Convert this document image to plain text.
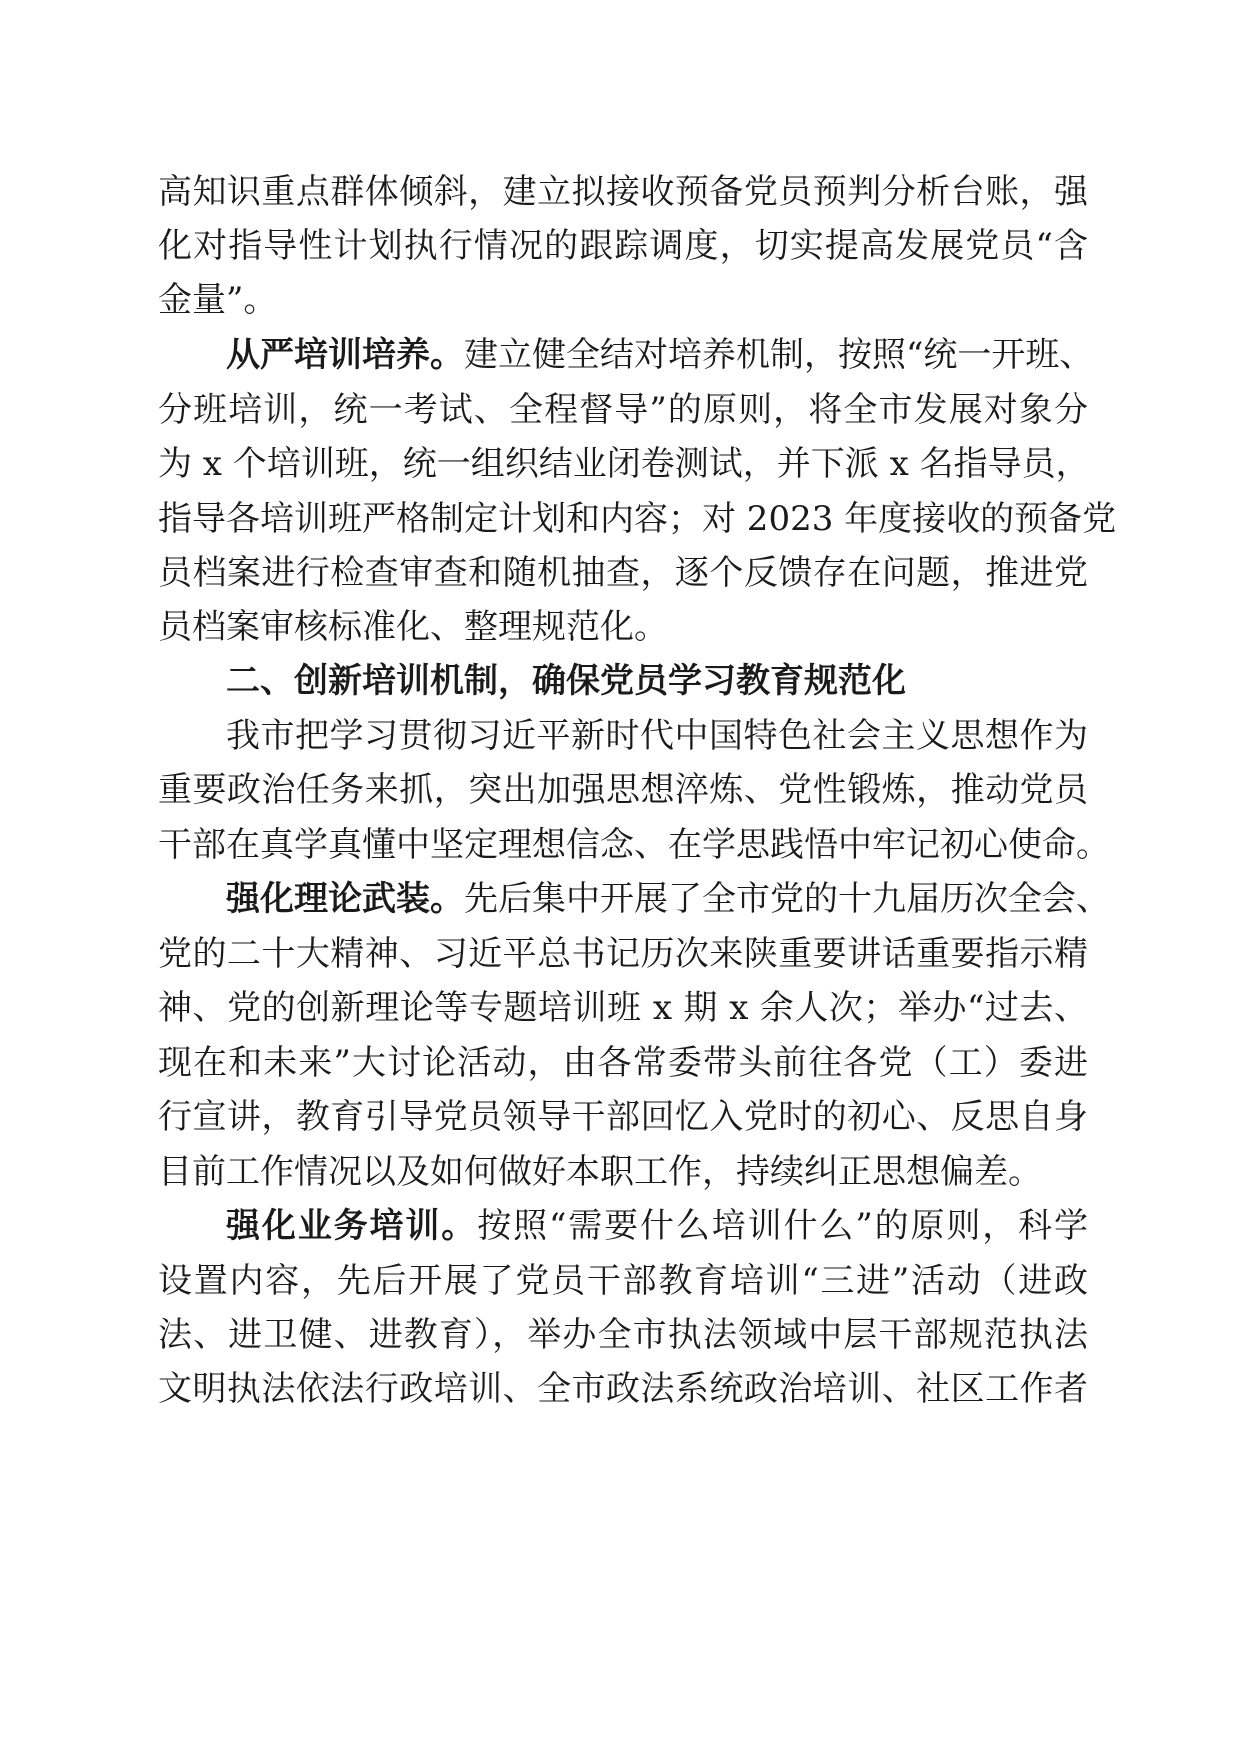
高知识重点群体倾斜，建立拟接收预备党员预判分析台账，强
化对指导性计划执行情况的跟踪调度，切实提高发展党员“含
金量”。
从严培训培养。建立健全结对培养机制，按照“统一开班、
分班培训，统一考试、全程督导”的原则，将全市发展对象分
为 x 个培训班，统一组织结业闭卷测试，并下派 x 名指导员，
指导各培训班严格制定计划和内容；对 2023 年度接收的预备党
员档案进行检查审查和随机抽查，逐个反馈存在问题，推进党
员档案审核标准化、整理规范化。
二、创新培训机制，确保党员学习教育规范化
我市把学习贯彻习近平新时代中国特色社会主义思想作为
重要政治任务来抓，突出加强思想淬炼、党性锻炼，推动党员
干部在真学真懂中坚定理想信念、在学思践悟中牢记初心使命。
强化理论武装。先后集中开展了全市党的十九届历次全会、
党的二十大精神、习近平总书记历次来陕重要讲话重要指示精
神、党的创新理论等专题培训班 x 期 x 余人次；举办“过去、
现在和未来”大讨论活动，由各常委带头前往各党（工）委进
行宣讲，教育引导党员领导干部回忆入党时的初心、反思自身
目前工作情况以及如何做好本职工作，持续纠正思想偏差。
强化业务培训。按照“需要什么培训什么”的原则，科学
设置内容，先后开展了党员干部教育培训“三进”活动（进政
法、进卫健、进教育），举办全市执法领域中层干部规范执法
文明执法依法行政培训、全市政法系统政治培训、社区工作者
